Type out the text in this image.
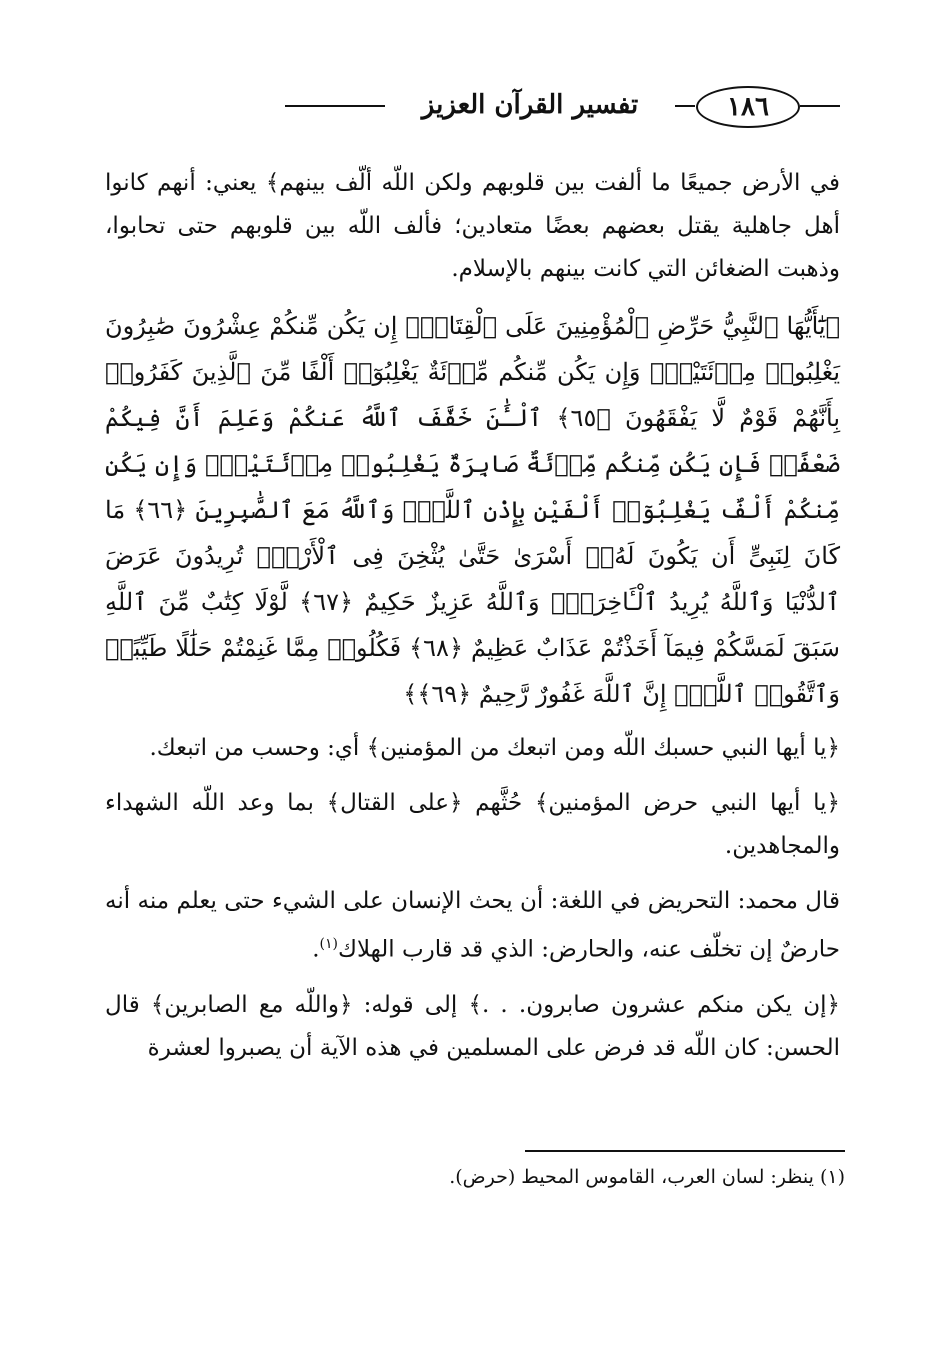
١٨٦
تفسير القرآن العزيز

في الأرض جميعًا ما ألفت بين قلوبهم ولكن اللّه ألّف بينهم﴾ يعني: أنهم كانوا أهل جاهلية يقتل بعضهم بعضًا متعادين؛ فألف اللّه بين قلوبهم حتى تحابوا، وذهبت الضغائن التي كانت بينهم بالإسلام.

﴿يَٰٓأَيُّهَا ٱلنَّبِيُّ حَرِّضِ ٱلْمُؤْمِنِينَ عَلَى ٱلْقِتَالِۚ إِن يَكُن مِّنكُمْ عِشْرُونَ صَٰبِرُونَ يَغْلِبُوا۟ مِا۟ئَتَيْنِۚ وَإِن يَكُن مِّنكُم مِّا۟ئَةٌ يَغْلِبُوٓا۟ أَلْفًا مِّنَ ٱلَّذِينَ كَفَرُوا۟ بِأَنَّهُمْ قَوْمٌ لَّا يَفْقَهُونَ ﴿٦٥﴾ ٱلْـَٰٔنَ خَفَّفَ ٱللَّهُ عَنكُمْ وَعَلِمَ أَنَّ فِيكُمْ ضَعْفًاۚ فَإِن يَكُن مِّنكُم مِّا۟ئَةٌ صَابِرَةٌ يَغْلِبُوا۟ مِا۟ئَتَيْنِۚ وَإِن يَكُن مِّنكُمْ أَلْفٌ يَغْلِبُوٓا۟ أَلْفَيْنِ بِإِذْنِ ٱللَّهِۗ وَٱللَّهُ مَعَ ٱلصَّٰبِرِينَ ﴿٦٦﴾ مَا كَانَ لِنَبِىٍّ أَن يَكُونَ لَهُۥٓ أَسْرَىٰ حَتَّىٰ يُثْخِنَ فِى ٱلْأَرْضِۚ تُرِيدُونَ عَرَضَ ٱلدُّنْيَا وَٱللَّهُ يُرِيدُ ٱلْـَٔاخِرَةَۗ وَٱللَّهُ عَزِيزٌ حَكِيمٌ ﴿٦٧﴾ لَّوْلَا كِتَٰبٌ مِّنَ ٱللَّهِ سَبَقَ لَمَسَّكُمْ فِيمَآ أَخَذْتُمْ عَذَابٌ عَظِيمٌ ﴿٦٨﴾ فَكُلُوا۟ مِمَّا غَنِمْتُمْ حَلَٰلًا طَيِّبًاۚ وَٱتَّقُوا۟ ٱللَّهَۚ إِنَّ ٱللَّهَ غَفُورٌ رَّحِيمٌ ﴿٦٩﴾﴾

﴿يا أيها النبي حسبك اللّه ومن اتبعك من المؤمنين﴾ أي: وحسب من اتبعك.

﴿يا أيها النبي حرض المؤمنين﴾ حُثَّهم ﴿على القتال﴾ بما وعد اللّه الشهداء والمجاهدين.

قال محمد: التحريض في اللغة: أن يحث الإنسان على الشيء حتى يعلم منه أنه حارضٌ إن تخلّف عنه، والحارض: الذي قد قارب الهلاك$^{(١)}$.

﴿إن يكن منكم عشرون صابرون. . .﴾ إلى قوله: ﴿واللّه مع الصابرين﴾ قال الحسن: كان اللّه قد فرض على المسلمين في هذه الآية أن يصبروا لعشرة

(١) ينظر: لسان العرب، القاموس المحيط (حرض).
